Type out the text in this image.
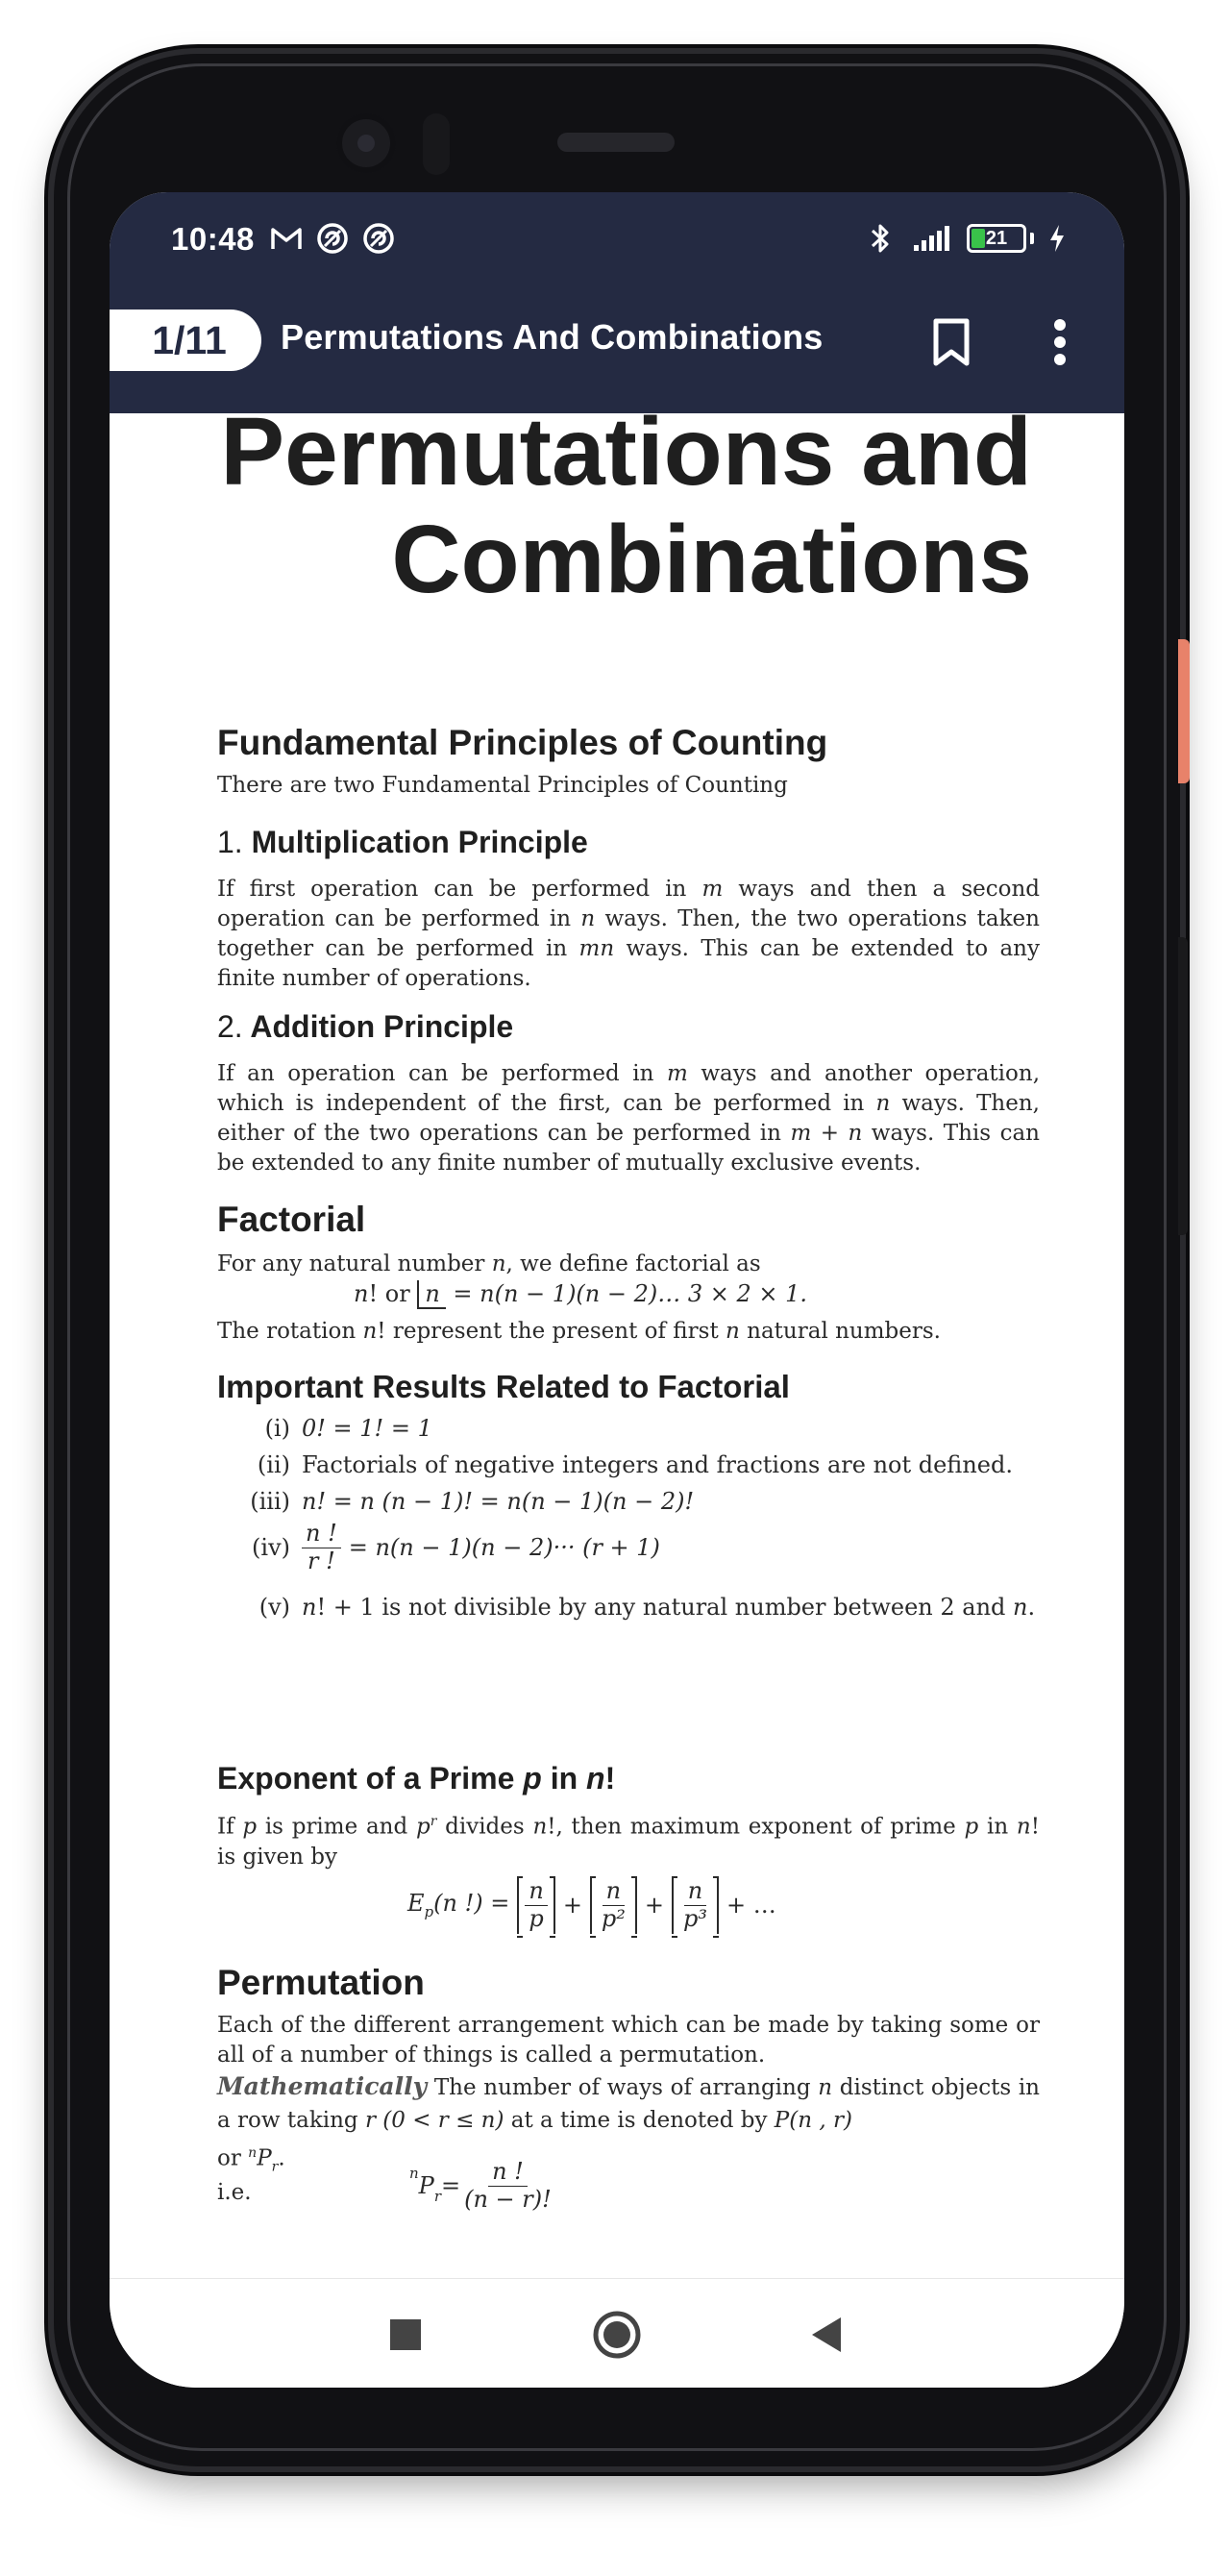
10:48	21
1/11	Permutations And Combinations
Permutations and
Combinations
Fundamental Principles of Counting
There are two Fundamental Principles of Counting
1. Multiplication Principle
If first operation can be performed in m ways and then a second operation can be performed in n ways. Then, the two operations taken together can be performed in mn ways. This can be extended to any finite number of operations.
2. Addition Principle
If an operation can be performed in m ways and another operation, which is independent of the first, can be performed in n ways. Then, either of the two operations can be performed in m + n ways. This can be extended to any finite number of mutually exclusive events.
Factorial
For any natural number n, we define factorial as
n! or n = n(n − 1)(n − 2)… 3 × 2 × 1.
The rotation n! represent the present of first n natural numbers.
Important Results Related to Factorial
(i) 0! = 1! = 1
(ii) Factorials of negative integers and fractions are not defined.
(iii) n! = n (n − 1)! = n(n − 1)(n − 2)!
$(iv) \frac{n !}{r !} = n(n - 1)(n - 2)\cdot\cdot\cdot (r + 1)$
(v) n! + 1 is not divisible by any natural number between 2 and n.
Exponent of a Prime p in n!
If p is prime and $p^r$ divides n!, then maximum exponent of prime p in n! is given by
$E_p(n$ !) = $\frac{n}{p} + \frac{n}{\text{p²}} + \frac{n}{\text{p³}}$ + …
Permutation
Each of the different arrangement which can be made by taking some or all of a number of things is called a permutation.
Mathematically The number of ways of arranging n distinct objects in a row taking r (0 < r ≤ n) at a time is denoted by P(n , r)
or $^nP_r$.
i.e.
n $P_r = \frac{n !}{(n - r)!}$
